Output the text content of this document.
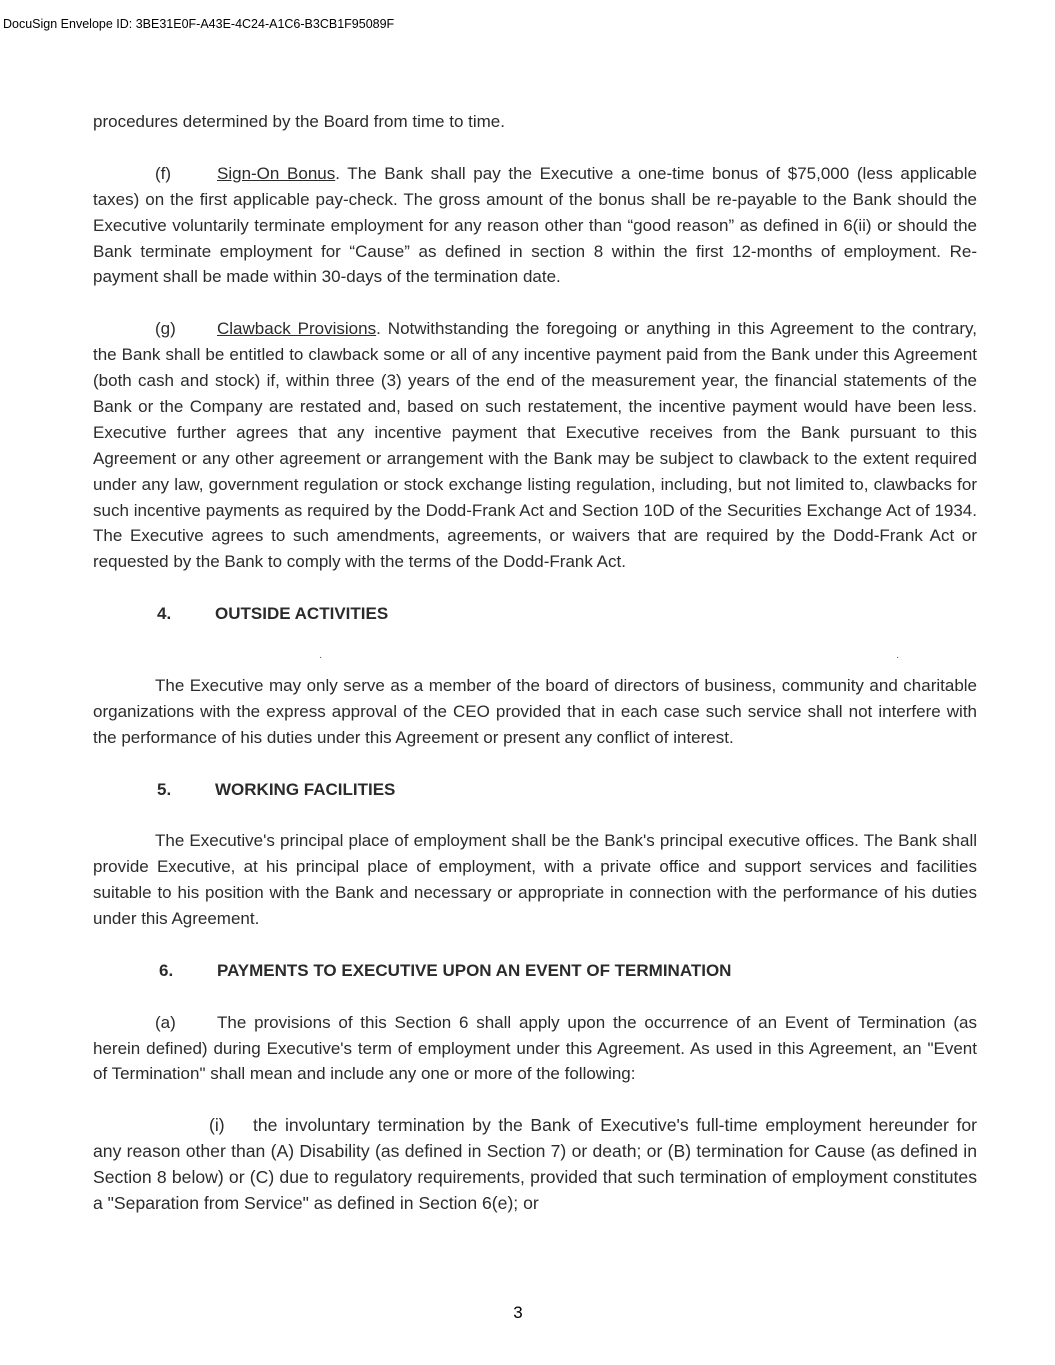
DocuSign Envelope ID: 3BE31E0F-A43E-4C24-A1C6-B3CB1F95089F

procedures determined by the Board from time to time.

(f)	Sign-On Bonus. The Bank shall pay the Executive a one-time bonus of $75,000 (less applicable taxes) on the first applicable pay-check. The gross amount of the bonus shall be re-payable to the Bank should the Executive voluntarily terminate employment for any reason other than “good reason” as defined in 6(ii) or should the Bank terminate employment for “Cause” as defined in section 8 within the first 12-months of employment. Re-payment shall be made within 30-days of the termination date.

(g) Clawback Provisions. Notwithstanding the foregoing or anything in this Agreement to the contrary, the Bank shall be entitled to clawback some or all of any incentive payment paid from the Bank under this Agreement (both cash and stock) if, within three (3) years of the end of the measurement year, the financial statements of the Bank or the Company are restated and, based on such restatement, the incentive payment would have been less. Executive further agrees that any incentive payment that Executive receives from the Bank pursuant to this Agreement or any other agreement or arrangement with the Bank may be subject to clawback to the extent required under any law, government regulation or stock exchange listing regulation, including, but not limited to, clawbacks for such incentive payments as required by the Dodd-Frank Act and Section 10D of the Securities Exchange Act of 1934. The Executive agrees to such amendments, agreements, or waivers that are required by the Dodd-Frank Act or requested by the Bank to comply with the terms of the Dodd-Frank Act.

4.	OUTSIDE ACTIVITIES
·	·

The Executive may only serve as a member of the board of directors of business, community and charitable organizations with the express approval of the CEO provided that in each case such service shall not interfere with the performance of his duties under this Agreement or present any conflict of interest.

5.	WORKING FACILITIES

The Executive's principal place of employment shall be the Bank's principal executive offices. The Bank shall provide Executive, at his principal place of employment, with a private office and support services and facilities suitable to his position with the Bank and necessary or appropriate in connection with the performance of his duties under this Agreement.

6.	PAYMENTS TO EXECUTIVE UPON AN EVENT OF TERMINATION

(a) The provisions of this Section 6 shall apply upon the occurrence of an Event of Termination (as herein defined) during Executive's term of employment under this Agreement. As used in this Agreement, an "Event of Termination" shall mean and include any one or more of the following:

(i) the involuntary termination by the Bank of Executive's full-time employment hereunder for any reason other than (A) Disability (as defined in Section 7) or death; or (B) termination for Cause (as defined in Section 8 below) or (C) due to regulatory requirements, provided that such termination of employment constitutes a "Separation from Service" as defined in Section 6(e); or

3
